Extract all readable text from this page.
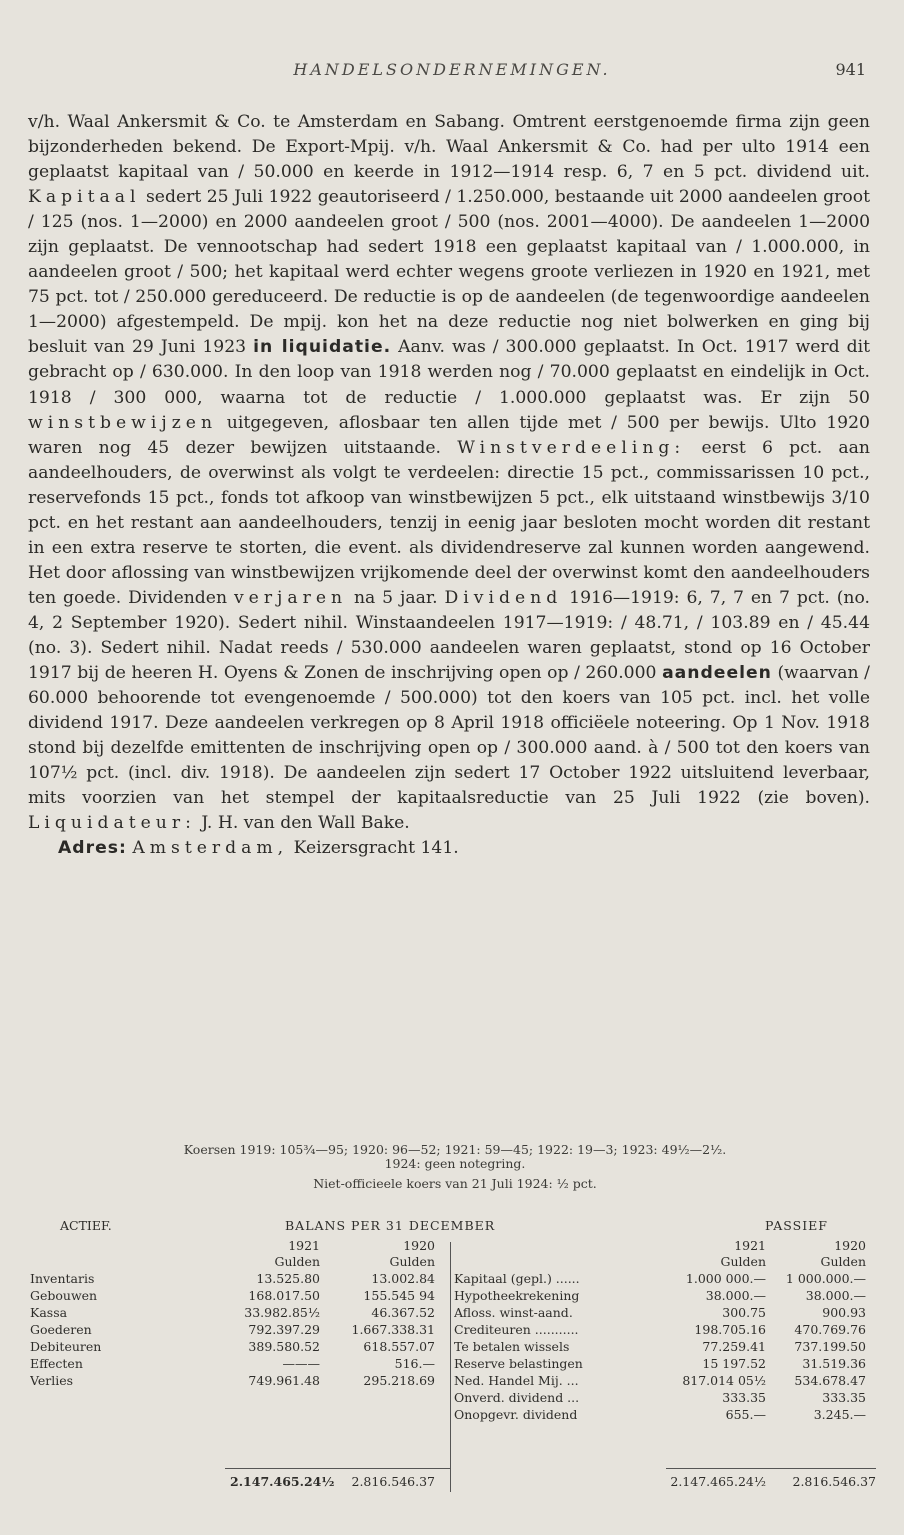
HANDELSONDERNEMINGEN.	941
v/h. Waal Ankersmit & Co. te Amsterdam en Sabang. Omtrent eerstgenoemde firma zijn geen bijzonderheden bekend. De Export-Mpij. v/h. Waal Ankersmit & Co. had per ulto 1914 een geplaatst kapitaal van / 50.000 en keerde in 1912—1914 resp. 6, 7 en 5 pct. dividend uit. Kapitaal sedert 25 Juli 1922 geautoriseerd / 1.250.000, bestaande uit 2000 aandeelen groot / 125 (nos. 1—2000) en 2000 aandeelen groot / 500 (nos. 2001—4000). De aandeelen 1—2000 zijn geplaatst. De vennootschap had sedert 1918 een geplaatst kapitaal van / 1.000.000, in aandeelen groot / 500; het kapitaal werd echter wegens groote verliezen in 1920 en 1921, met 75 pct. tot / 250.000 gereduceerd. De reductie is op de aandeelen (de tegenwoordige aandeelen 1—2000) afgestempeld. De mpij. kon het na deze reductie nog niet bolwerken en ging bij besluit van 29 Juni 1923 in liquidatie. Aanv. was / 300.000 geplaatst. In Oct. 1917 werd dit gebracht op / 630.000. In den loop van 1918 werden nog / 70.000 geplaatst en eindelijk in Oct. 1918 / 300 000, waarna tot de reductie / 1.000.000 geplaatst was. Er zijn 50 winstbewijzen uitgegeven, aflosbaar ten allen tijde met / 500 per bewijs. Ulto 1920 waren nog 45 dezer bewijzen uitstaande. Winstverdeeling: eerst 6 pct. aan aandeelhouders, de overwinst als volgt te verdeelen: directie 15 pct., commissarissen 10 pct., reservefonds 15 pct., fonds tot afkoop van winstbewijzen 5 pct., elk uitstaand winstbewijs 3/10 pct. en het restant aan aandeelhouders, tenzij in eenig jaar besloten mocht worden dit restant in een extra reserve te storten, die event. als dividendreserve zal kunnen worden aangewend. Het door aflossing van winstbewijzen vrijkomende deel der overwinst komt den aandeelhouders ten goede. Dividenden verjaren na 5 jaar. Dividend 1916—1919: 6, 7, 7 en 7 pct. (no. 4, 2 September 1920). Sedert nihil. Winstaandeelen 1917—1919: / 48.71, / 103.89 en / 45.44 (no. 3). Sedert nihil. Nadat reeds / 530.000 aandeelen waren geplaatst, stond op 16 October 1917 bij de heeren H. Oyens & Zonen de inschrijving open op / 260.000 aandeelen (waarvan / 60.000 behoorende tot evengenoemde / 500.000) tot den koers van 105 pct. incl. het volle dividend 1917. Deze aandeelen verkregen op 8 April 1918 officiëele noteering. Op 1 Nov. 1918 stond bij dezelfde emittenten de inschrijving open op / 300.000 aand. à / 500 tot den koers van 107½ pct. (incl. div. 1918). De aandeelen zijn sedert 17 October 1922 uitsluitend leverbaar, mits voorzien van het stempel der kapitaalsreductie van 25 Juli 1922 (zie boven). Liquidateur: J. H. van den Wall Bake.
Adres: Amsterdam, Keizersgracht 141.
Koersen 1919: 105¾—95; 1920: 96—52; 1921: 59—45; 1922: 19—3; 1923: 49½—2½.
1924: geen notegring.
Niet-officieele koers van 21 Juli 1924: ½ pct.
ACTIEF.	BALANS PER 31 DECEMBER	PASSIEF
1921	1920
Gulden	Gulden
Inventaris	13.525.80	13.002.84
Gebouwen	168.017.50	155.545 94
Kassa	33.982.85½	46.367.52
Goederen	792.397.29	1.667.338.31
Debiteuren	389.580.52	618.557.07
Effecten	———	516.—
Verlies	749.961.48	295.218.69
1921	1920
Gulden	Gulden
Kapitaal (gepl.) ......	1.000 000.—	1 000.000.—
Hypotheekrekening	38.000.—	38.000.—
Afloss. winst-aand.	300.75	900.93
Crediteuren ...........	198.705.16	470.769.76
Te betalen wissels	77.259.41	737.199.50
Reserve belastingen	15 197.52	31.519.36
Ned. Handel Mij. ...	817.014 05½	534.678.47
Onverd. dividend ...	333.35	333.35
Onopgevr. dividend	655.—	3.245.—
2.147.465.24½	2.816.546.37	2.147.465.24½	2.816.546.37
